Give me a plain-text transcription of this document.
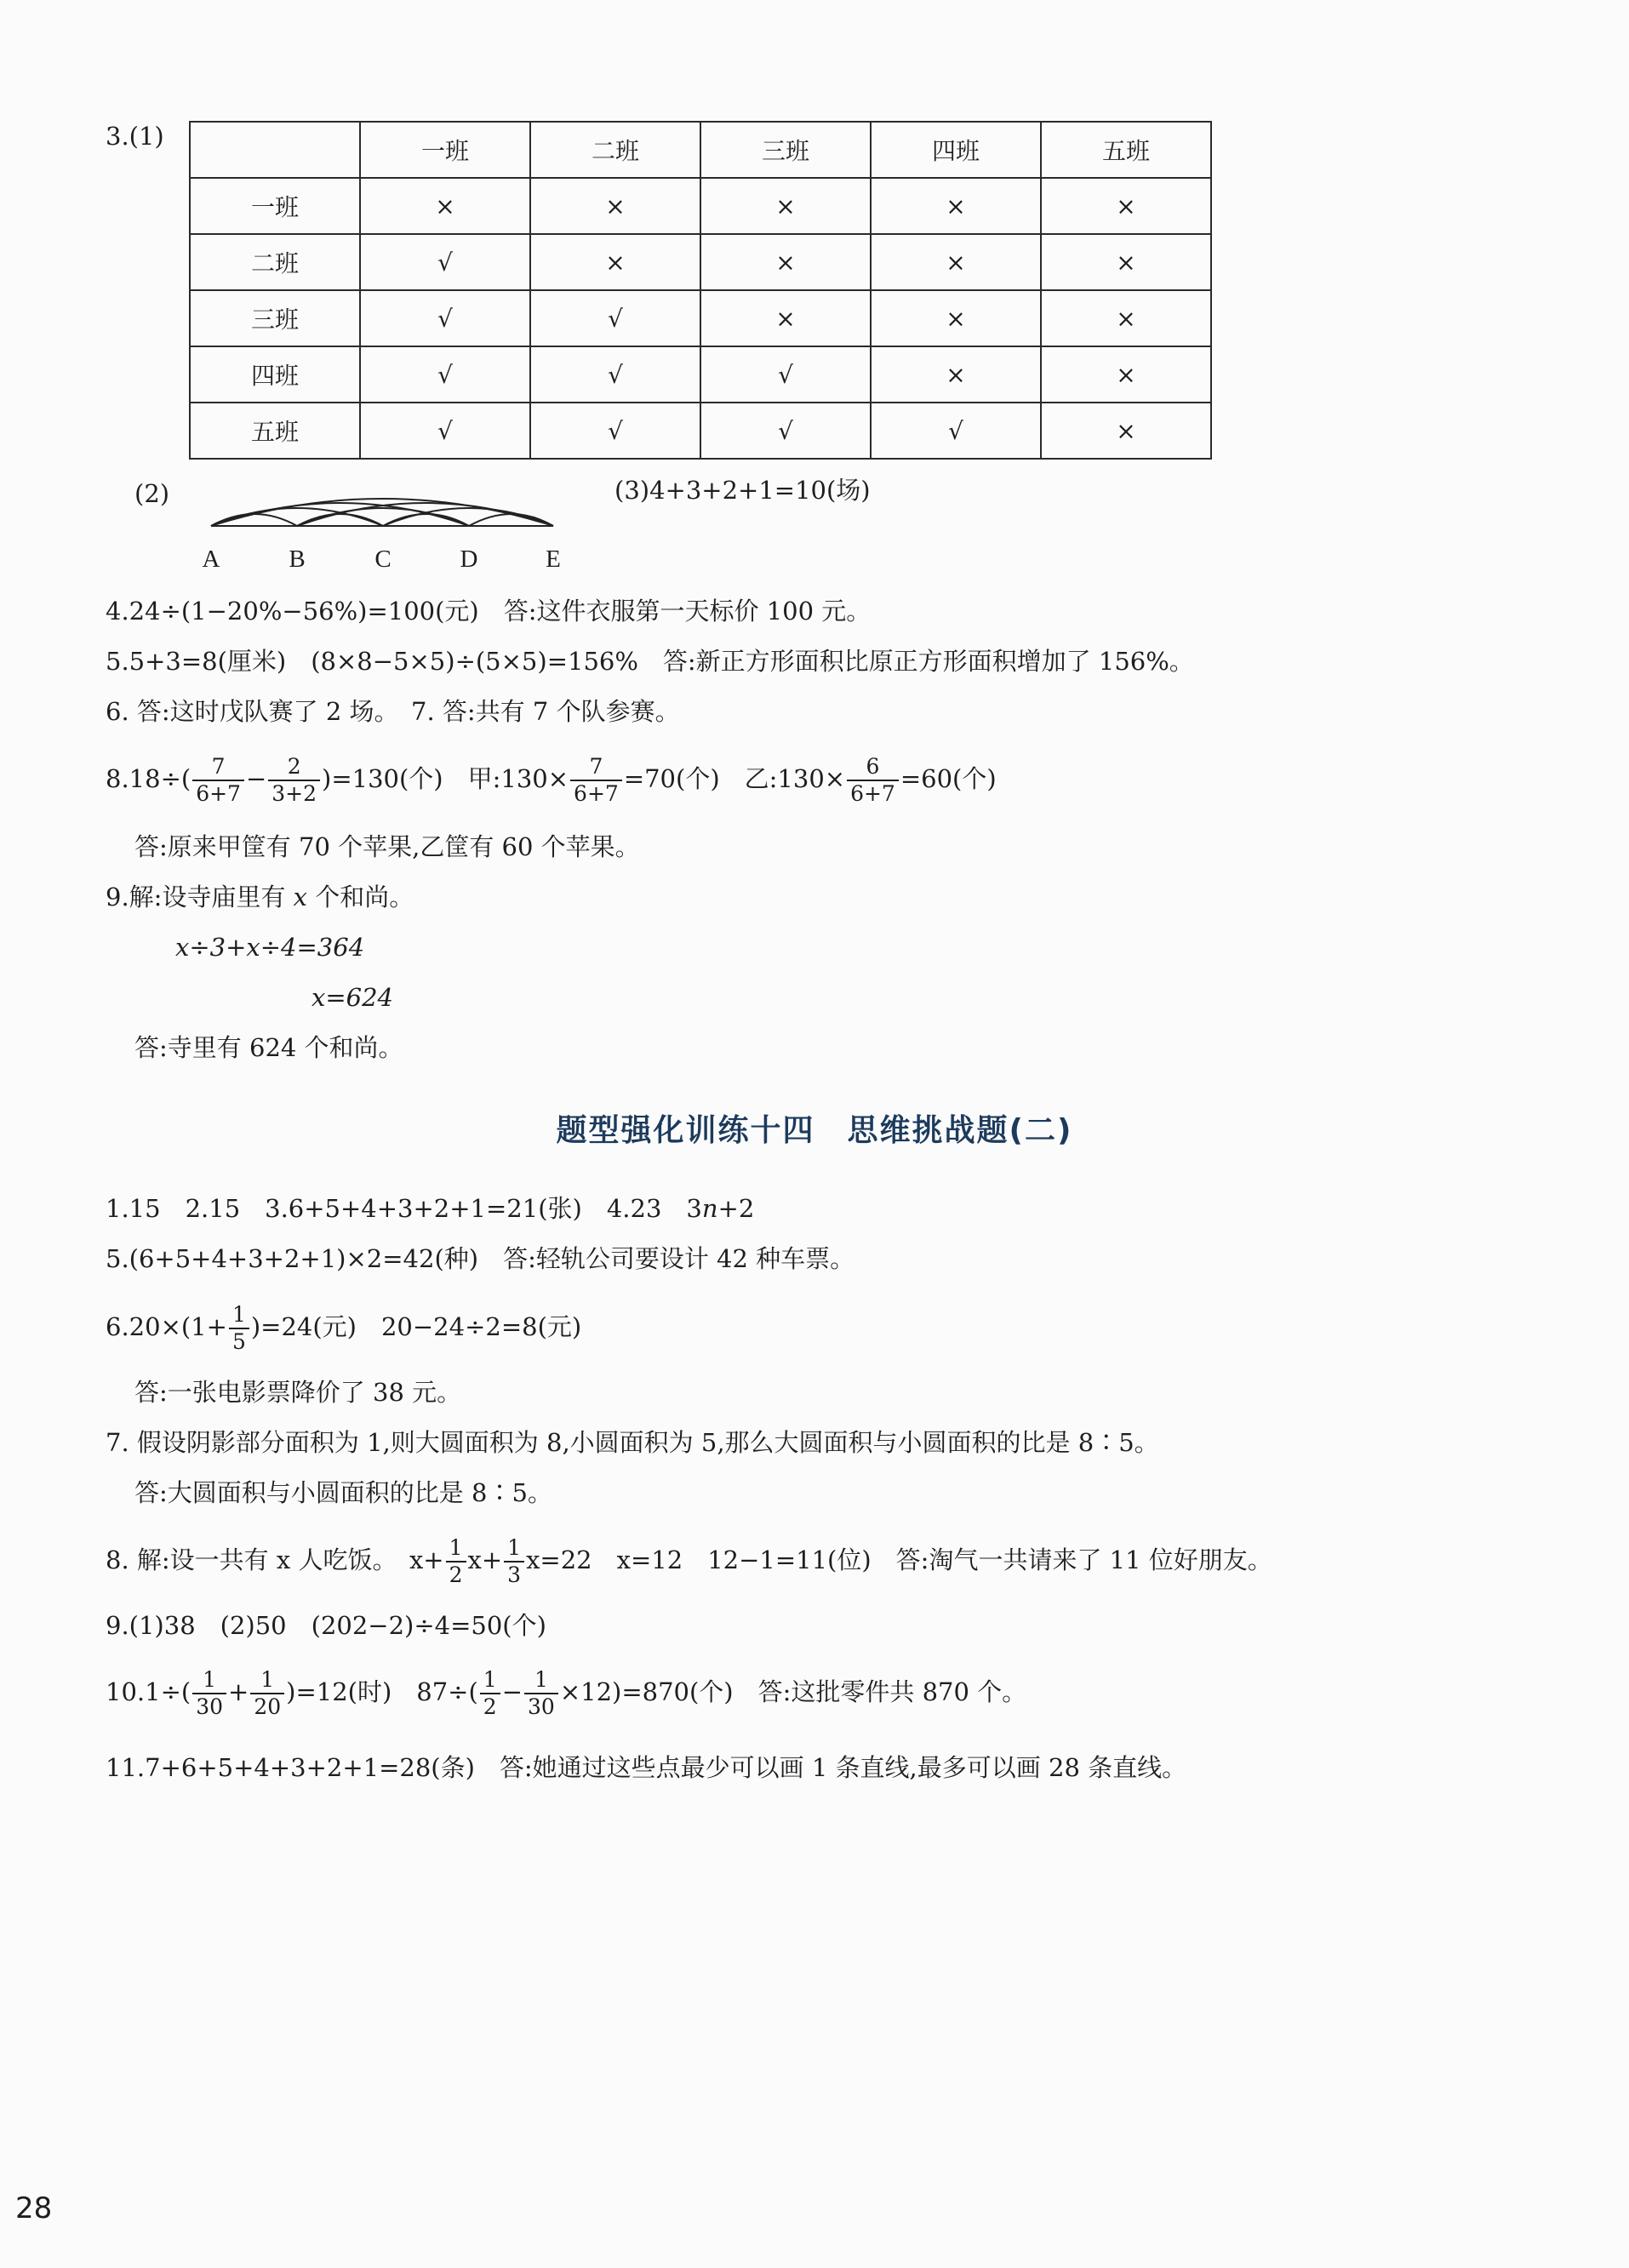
3.(1)
	一班	二班	三班	四班	五班
一班	×	×	×	×	×
二班	√	×	×	×	×
三班	√	√	×	×	×
四班	√	√	√	×	×
五班	√	√	√	√	×
(2)
A	B	C	D	E
(3)4+3+2+1=10(场)
4.24÷(1−20%−56%)=100(元)　答:这件衣服第一天标价 100 元。
5.5+3=8(厘米)　(8×8−5×5)÷(5×5)=156%　答:新正方形面积比原正方形面积增加了 156%。
6. 答:这时戊队赛了 2 场。　7. 答:共有 7 个队参赛。
$8.18\div( \frac{7}{6+7} - \frac{2}{3+2} )=130$(个)　甲:130× $\frac{7}{6+7} =70$(个)　乙:130× $\frac{6}{6+7} =60$(个)
答:原来甲筐有 70 个苹果,乙筐有 60 个苹果。
9.解:设寺庙里有 x 个和尚。
x÷3+x÷4=364
x=624
答:寺里有 624 个和尚。
题型强化训练十四　思维挑战题(二)
1.15　2.15　3.6+5+4+3+2+1=21(张)　4.23　3n+2
5.(6+5+4+3+2+1)×2=42(种)　答:轻轨公司要设计 42 种车票。
$6.20\times(1+ \frac{1}{5} )=24$(元)　20−24÷2=8(元)
答:一张电影票降价了 38 元。
7. 假设阴影部分面积为 1,则大圆面积为 8,小圆面积为 5,那么大圆面积与小圆面积的比是 8∶5。
答:大圆面积与小圆面积的比是 8∶5。
8. 解:设一共有 x 人吃饭。　$x+ \frac{1}{2} x+ \frac{1}{3} x=22$　x=12　12−1=11(位)　答:淘气一共请来了 11 位好朋友。
9.(1)38　(2)50　(202−2)÷4=50(个)
$10.1\div( \frac{1}{30} + \frac{1}{20} )=12$(时)　$87\div( \frac{1}{2} - \frac{1}{30} \times 12)=870$(个)　答:这批零件共 870 个。
11.7+6+5+4+3+2+1=28(条)　答:她通过这些点最少可以画 1 条直线,最多可以画 28 条直线。
28
